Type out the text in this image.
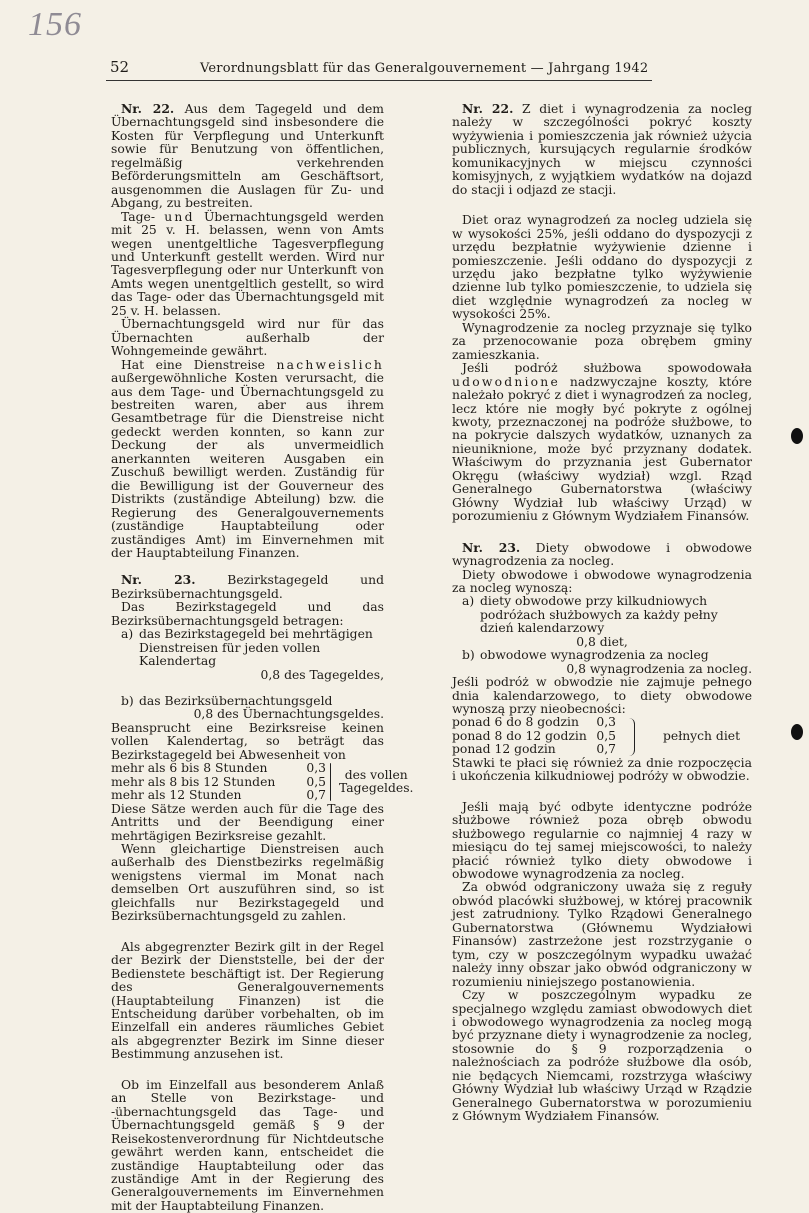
156
52	Verordnungsblatt für das Generalgouvernement — Jahrgang 1942

Nr. 22. Aus dem Tagegeld und dem Übernachtungsgeld sind insbesondere die Kosten für Verpflegung und Unterkunft sowie für Benutzung von öffentlichen, regelmäßig verkehrenden Beförderungsmitteln am Geschäftsort, ausgenommen die Auslagen für Zu- und Abgang, zu bestreiten.

Tage- und Übernachtungsgeld werden mit 25 v. H. belassen, wenn von Amts wegen unentgeltliche Tagesverpflegung und Unterkunft gestellt werden. Wird nur Tagesverpflegung oder nur Unterkunft von Amts wegen unentgeltlich gestellt, so wird das Tage- oder das Übernachtungsgeld mit 25 v. H. belassen.

Übernachtungsgeld wird nur für das Übernachten außerhalb der Wohngemeinde gewährt.

Hat eine Dienstreise nachweislich außergewöhnliche Kosten verursacht, die aus dem Tage- und Übernachtungsgeld zu bestreiten waren, aber aus ihrem Gesamtbetrage für die Dienstreise nicht gedeckt werden konnten, so kann zur Deckung der als unvermeidlich anerkannten weiteren Ausgaben ein Zuschuß bewilligt werden. Zuständig für die Bewilligung ist der Gouverneur des Distrikts (zuständige Abteilung) bzw. die Regierung des Generalgouvernements (zuständige Hauptabteilung oder zuständiges Amt) im Einvernehmen mit der Hauptabteilung Finanzen.

Nr. 23.	Bezirkstagegeld und Bezirksübernachtungsgeld.

Das Bezirkstagegeld und das Bezirksübernachtungsgeld betragen:

a) das Bezirkstagegeld bei mehrtägigen Dienstreisen für jeden vollen Kalendertag
0,8 des Tagegeldes,
b) das Bezirksübernachtungsgeld
0,8 des Übernachtungsgeldes.

Beansprucht eine Bezirksreise keinen vollen Kalendertag, so beträgt das Bezirkstagegeld bei Abwesenheit von

mehr als 6 bis 8 Stunden	0,3
mehr als 8 bis 12 Stunden	0,5
mehr als 12 Stunden	0,7
des vollen
Tagegeldes.

Diese Sätze werden auch für die Tage des Antritts und der Beendigung einer mehrtägigen Bezirksreise gezahlt.

Wenn gleichartige Dienstreisen auch außerhalb des Dienstbezirks regelmäßig wenigstens viermal im Monat nach demselben Ort auszuführen sind, so ist gleichfalls nur Bezirkstagegeld und Bezirksübernachtungsgeld zu zahlen.

Als abgegrenzter Bezirk gilt in der Regel der Bezirk der Dienststelle, bei der der Bedienstete beschäftigt ist. Der Regierung des Generalgouvernements (Hauptabteilung Finanzen) ist die Entscheidung darüber vorbehalten, ob im Einzelfall ein anderes räumliches Gebiet als abgegrenzter Bezirk im Sinne dieser Bestimmung anzusehen ist.

Ob im Einzelfall aus besonderem Anlaß an Stelle von Bezirkstage- und -übernachtungsgeld das Tage- und Übernachtungsgeld gemäß § 9 der Reisekostenverordnung für Nichtdeutsche gewährt werden kann, entscheidet die zuständige Hauptabteilung oder das zuständige Amt in der Regierung des Generalgouvernements im Einvernehmen mit der Hauptabteilung Finanzen.

Nr. 22. Z diet i wynagrodzenia za nocleg należy w szczególności pokryć koszty wyżywienia i pomieszczenia jak również użycia publicznych, kursujących regularnie środków komunikacyjnych w miejscu czynności komisyjnych, z wyjątkiem wydatków na dojazd do stacji i odjazd ze stacji.

Diet oraz wynagrodzeń za nocleg udziela się w wysokości 25%, jeśli oddano do dyspozycji z urzędu bezpłatnie wyżywienie dzienne i pomieszczenie. Jeśli oddano do dyspozycji z urzędu jako bezpłatne tylko wyżywienie dzienne lub tylko pomieszczenie, to udziela się diet względnie wynagrodzeń za nocleg w wysokości 25%.

Wynagrodzenie za nocleg przyznaje się tylko za przenocowanie poza obrębem gminy zamieszkania.

Jeśli podróż służbowa spowodowała udowodnione nadzwyczajne koszty, które należało pokryć z diet i wynagrodzeń za nocleg, lecz które nie mogły być pokryte z ogólnej kwoty, przeznaczonej na podróże służbowe, to na pokrycie dalszych wydatków, uznanych za nieuniknione, może być przyznany dodatek. Właściwym do przyznania jest Gubernator Okręgu (właściwy wydział) wzgl. Rząd Generalnego Gubernatorstwa (właściwy Główny Wydział lub właściwy Urząd) w porozumieniu z Głównym Wydziałem Finansów.

Nr. 23. Diety obwodowe i obwodowe wynagrodzenia za nocleg.

Diety obwodowe i obwodowe wynagrodzenia za nocleg wynoszą:

a) diety obwodowe przy kilkudniowych podróżach służbowych za każdy pełny dzień kalendarzowy
0,8 diet,
b) obwodowe wynagrodzenia za nocleg
0,8 wynagrodzenia za nocleg.

Jeśli podróż w obwodzie nie zajmuje pełnego dnia kalendarzowego, to diety obwodowe wynoszą przy nieobecności:

ponad 6 do 8 godzin	0,3
ponad 8 do 12 godzin 0,5
ponad 12 godzin	0,7
pełnych diet

Stawki te płaci się również za dnie rozpoczęcia i ukończenia kilkudniowej podróży w obwodzie.

Jeśli mają być odbyte identyczne podróże służbowe również poza obręb obwodu służbowego regularnie co najmniej 4 razy w miesiącu do tej samej miejscowości, to należy płacić również tylko diety obwodowe i obwodowe wynagrodzenia za nocleg.

Za obwód odgraniczony uważa się z reguły obwód placówki służbowej, w której pracownik jest zatrudniony. Tylko Rządowi Generalnego Gubernatorstwa (Głównemu Wydziałowi Finansów) zastrzeżone jest rozstrzyganie o tym, czy w poszczególnym wypadku uważać należy inny obszar jako obwód odgraniczony w rozumieniu niniejszego postanowienia.

Czy w poszczególnym wypadku ze specjalnego względu zamiast obwodowych diet i obwodowego wynagrodzenia za nocleg mogą być przyznane diety i wynagrodzenie za nocleg, stosownie do § 9 rozporządzenia o należnościach za podróże służbowe dla osób, nie będących Niemcami, rozstrzyga właściwy Główny Wydział lub właściwy Urząd w Rządzie Generalnego Gubernatorstwa w porozumieniu z Głównym Wydziałem Finansów.
